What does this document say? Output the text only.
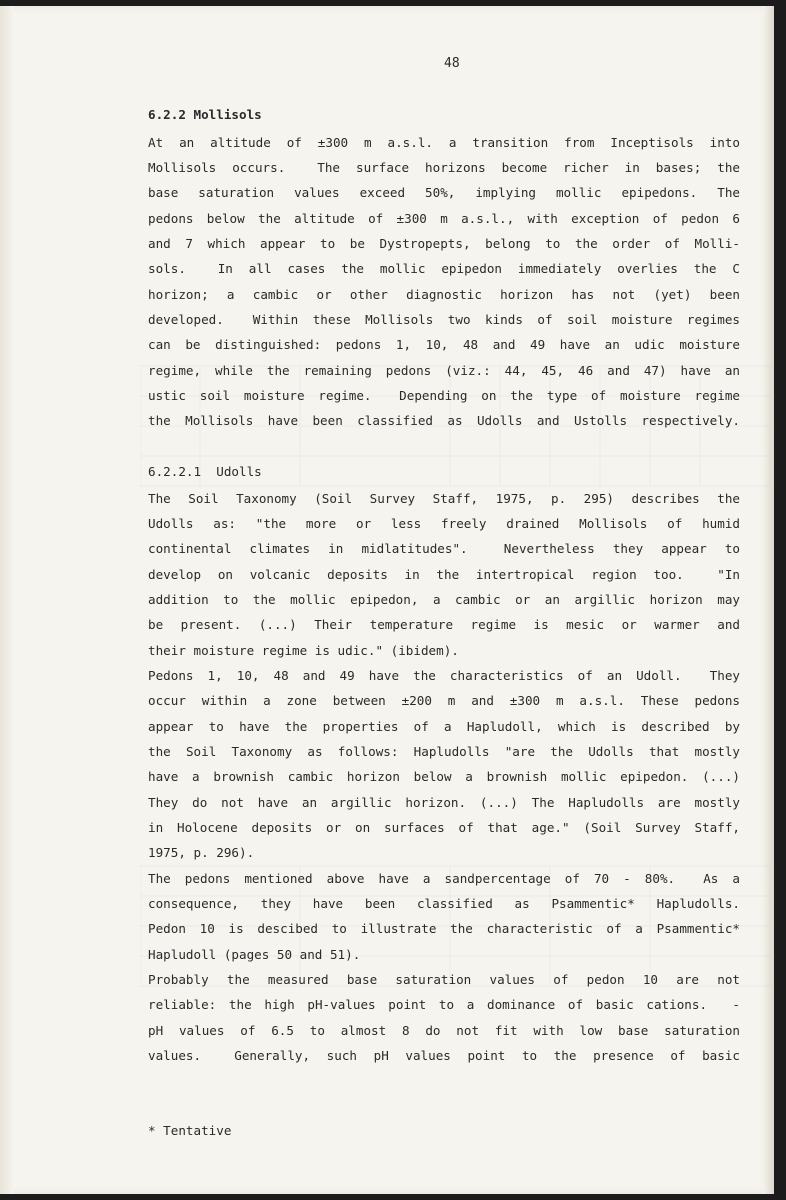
48

6.2.2 Mollisols

At an altitude of ±300 m a.s.l. a transition from Inceptisols into

Mollisols occurs.  The surface horizons become richer in bases; the

base saturation values exceed 50%, implying mollic epipedons. The

pedons below the altitude of ±300 m a.s.l., with exception of pedon 6

and 7 which appear to be Dystropepts, belong to the order of Molli-

sols.  In all cases the mollic epipedon immediately overlies the C

horizon; a cambic or other diagnostic horizon has not (yet) been

developed.  Within these Mollisols two kinds of soil moisture regimes

can be distinguished: pedons 1, 10, 48 and 49 have an udic moisture

regime, while the remaining pedons (viz.: 44, 45, 46 and 47) have an

ustic soil moisture regime.  Depending on the type of moisture regime

the Mollisols have been classified as Udolls and Ustolls respectively.

6.2.2.1  Udolls

The Soil Taxonomy (Soil Survey Staff, 1975, p. 295) describes the

Udolls as: "the more or less freely drained Mollisols of humid

continental climates in midlatitudes".  Nevertheless they appear to

develop on volcanic deposits in the intertropical region too.  "In

addition to the mollic epipedon, a cambic or an argillic horizon may

be present. (...) Their temperature regime is mesic or warmer and

their moisture regime is udic." (ibidem).

Pedons 1, 10, 48 and 49 have the characteristics of an Udoll.  They

occur within a zone between ±200 m and ±300 m a.s.l. These pedons

appear to have the properties of a Hapludoll, which is described by

the Soil Taxonomy as follows: Hapludolls "are the Udolls that mostly

have a brownish cambic horizon below a brownish mollic epipedon. (...)

They do not have an argillic horizon. (...) The Hapludolls are mostly

in Holocene deposits or on surfaces of that age." (Soil Survey Staff,

1975, p. 296).

The pedons mentioned above have a sandpercentage of 70 - 80%.  As a

consequence, they have been classified as Psammentic* Hapludolls.

Pedon 10 is descibed to illustrate the characteristic of a Psammentic*

Hapludoll (pages 50 and 51).

Probably the measured base saturation values of pedon 10 are not

reliable: the high pH-values point to a dominance of basic cations.  -

pH values of 6.5 to almost 8 do not fit with low base saturation

values.  Generally, such pH values point to the presence of basic

* Tentative
